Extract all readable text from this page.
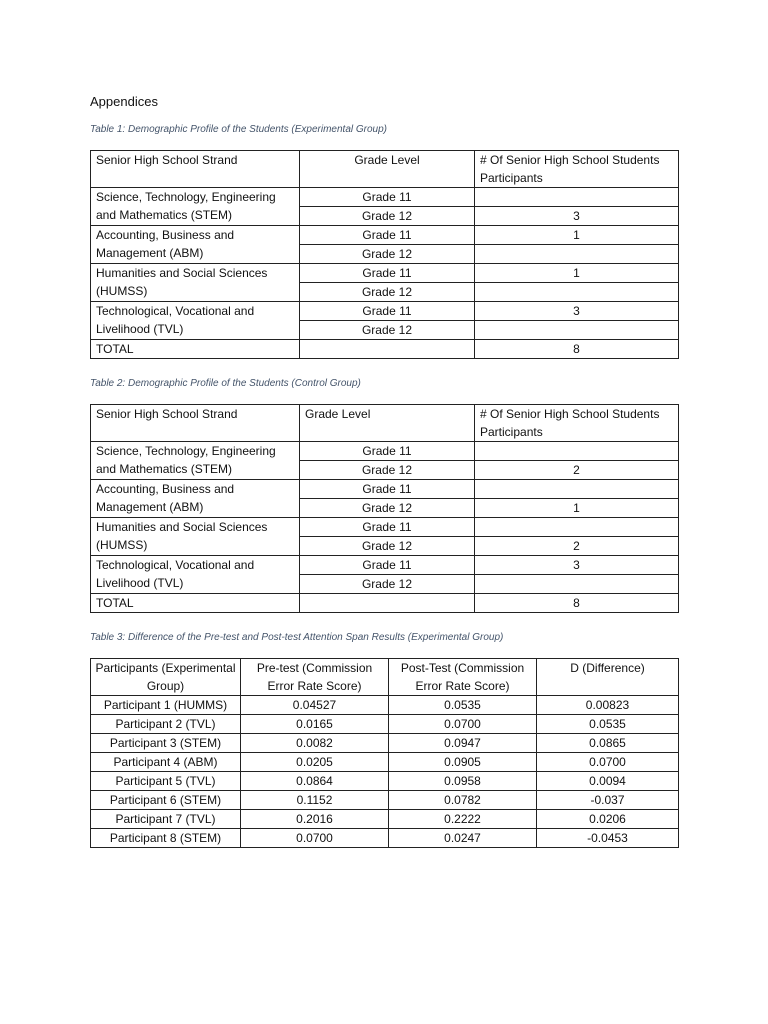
Appendices
Table 1: Demographic Profile of the Students (Experimental Group)
Senior High School Strand	Grade Level	# Of Senior High School Students Participants
Science, Technology, Engineering and Mathematics (STEM)	Grade 11	
	Grade 12	3
Accounting, Business and Management (ABM)	Grade 11	1
	Grade 12	
Humanities and Social Sciences (HUMSS)	Grade 11	1
	Grade 12	
Technological, Vocational and Livelihood (TVL)	Grade 11	3
	Grade 12	
TOTAL		8
Table 2: Demographic Profile of the Students (Control Group)
Senior High School Strand	Grade Level	# Of Senior High School Students Participants
Science, Technology, Engineering and Mathematics (STEM)	Grade 11	
	Grade 12	2
Accounting, Business and Management (ABM)	Grade 11	
	Grade 12	1
Humanities and Social Sciences (HUMSS)	Grade 11	
	Grade 12	2
Technological, Vocational and Livelihood (TVL)	Grade 11	3
	Grade 12	
TOTAL		8
Table 3: Difference of the Pre-test and Post-test Attention Span Results (Experimental Group)
Participants (Experimental Group)	Pre-test (Commission Error Rate Score)	Post-Test (Commission Error Rate Score)	D (Difference)
Participant 1 (HUMMS)	0.04527	0.0535	0.00823
Participant 2 (TVL)	0.0165	0.0700	0.0535
Participant 3 (STEM)	0.0082	0.0947	0.0865
Participant 4 (ABM)	0.0205	0.0905	0.0700
Participant 5 (TVL)	0.0864	0.0958	0.0094
Participant 6 (STEM)	0.1152	0.0782	-0.037
Participant 7 (TVL)	0.2016	0.2222	0.0206
Participant 8 (STEM)	0.0700	0.0247	-0.0453
